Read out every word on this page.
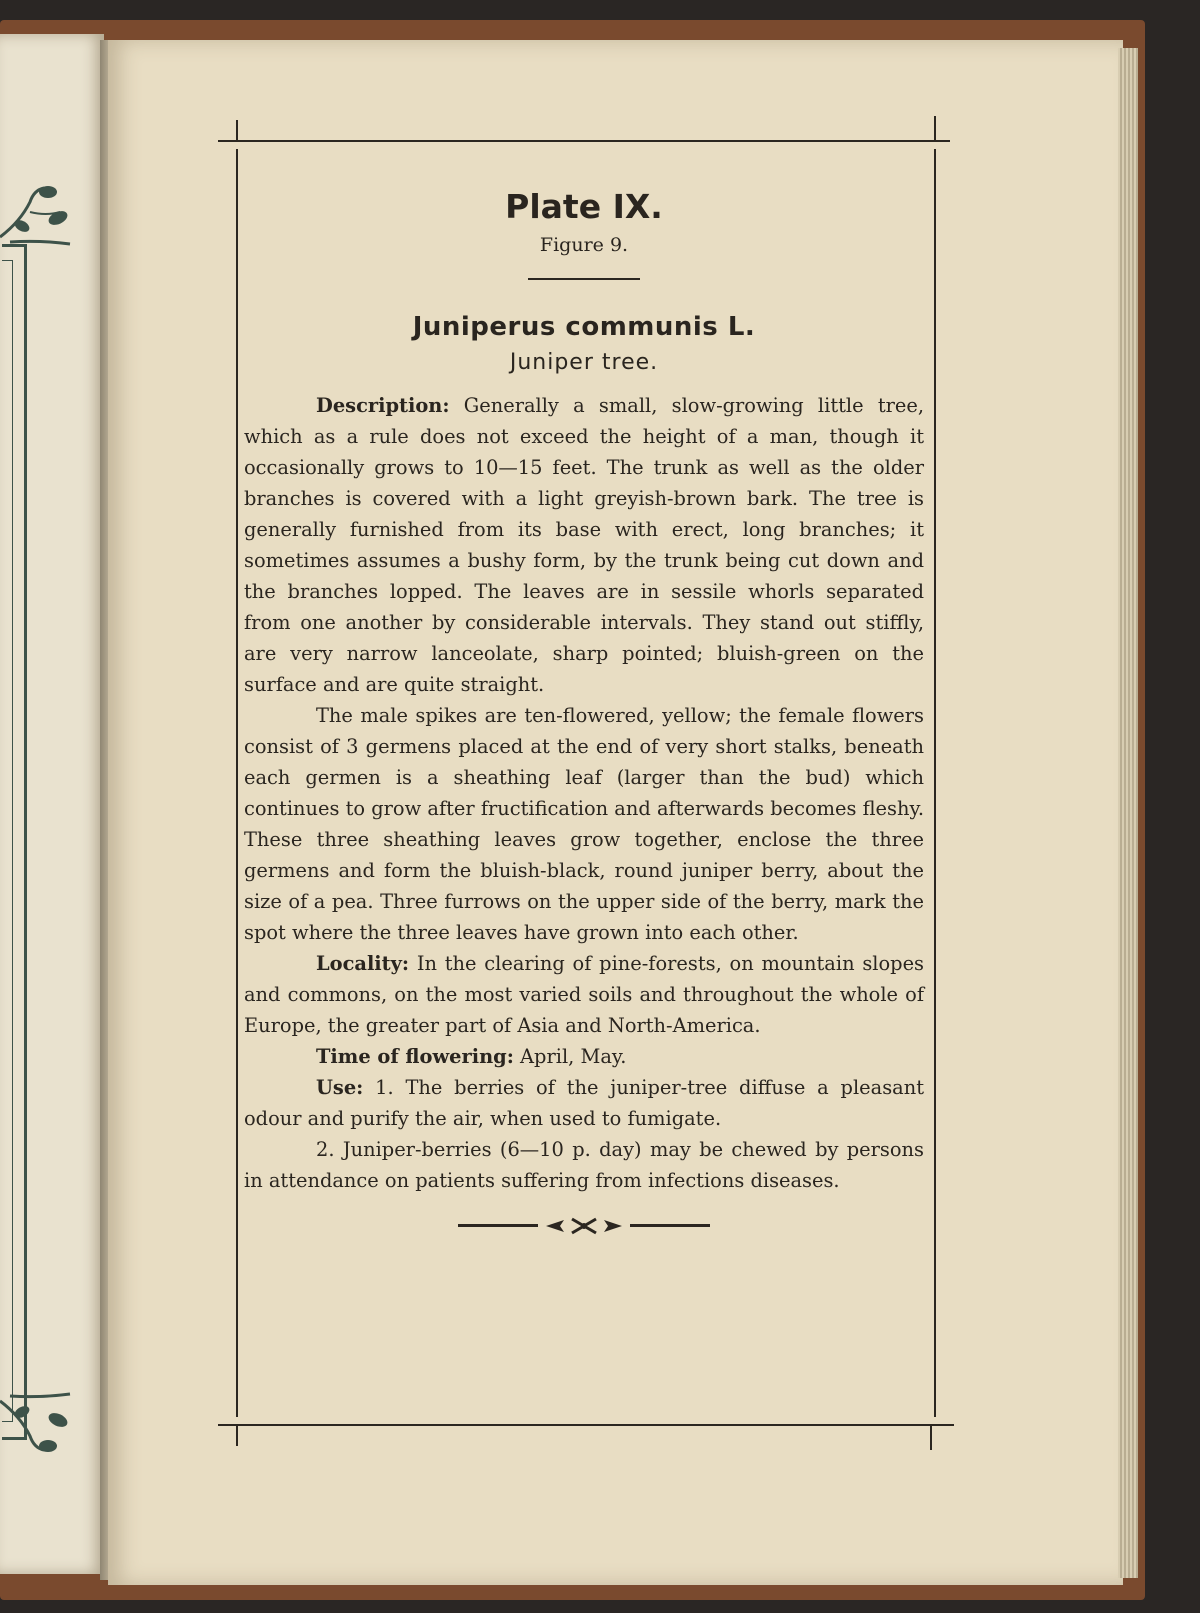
Plate IX.
Figure 9.
Juniperus communis L.
Juniper tree.

Description: Generally a small, slow-growing little tree, which as a rule does not exceed the height of a man, though it occasionally grows to 10—15 feet. The trunk as well as the older branches is covered with a light greyish-brown bark. The tree is generally furnished from its base with erect, long branches; it sometimes assumes a bushy form, by the trunk being cut down and the branches lopped. The leaves are in sessile whorls separated from one another by considerable intervals. They stand out stiffly, are very narrow lanceolate, sharp pointed; bluish-green on the surface and are quite straight.

The male spikes are ten-flowered, yellow; the female flowers consist of 3 germens placed at the end of very short stalks, beneath each germen is a sheathing leaf (larger than the bud) which continues to grow after fructification and afterwards becomes fleshy. These three sheathing leaves grow together, enclose the three germens and form the bluish-black, round juniper berry, about the size of a pea. Three furrows on the upper side of the berry, mark the spot where the three leaves have grown into each other.

Locality: In the clearing of pine-forests, on mountain slopes and commons, on the most varied soils and throughout the whole of Europe, the greater part of Asia and North-America.

Time of flowering: April, May.

Use: 1. The berries of the juniper-tree diffuse a pleasant odour and purify the air, when used to fumigate.

2. Juniper-berries (6—10 p. day) may be chewed by persons in attendance on patients suffering from infections diseases.
